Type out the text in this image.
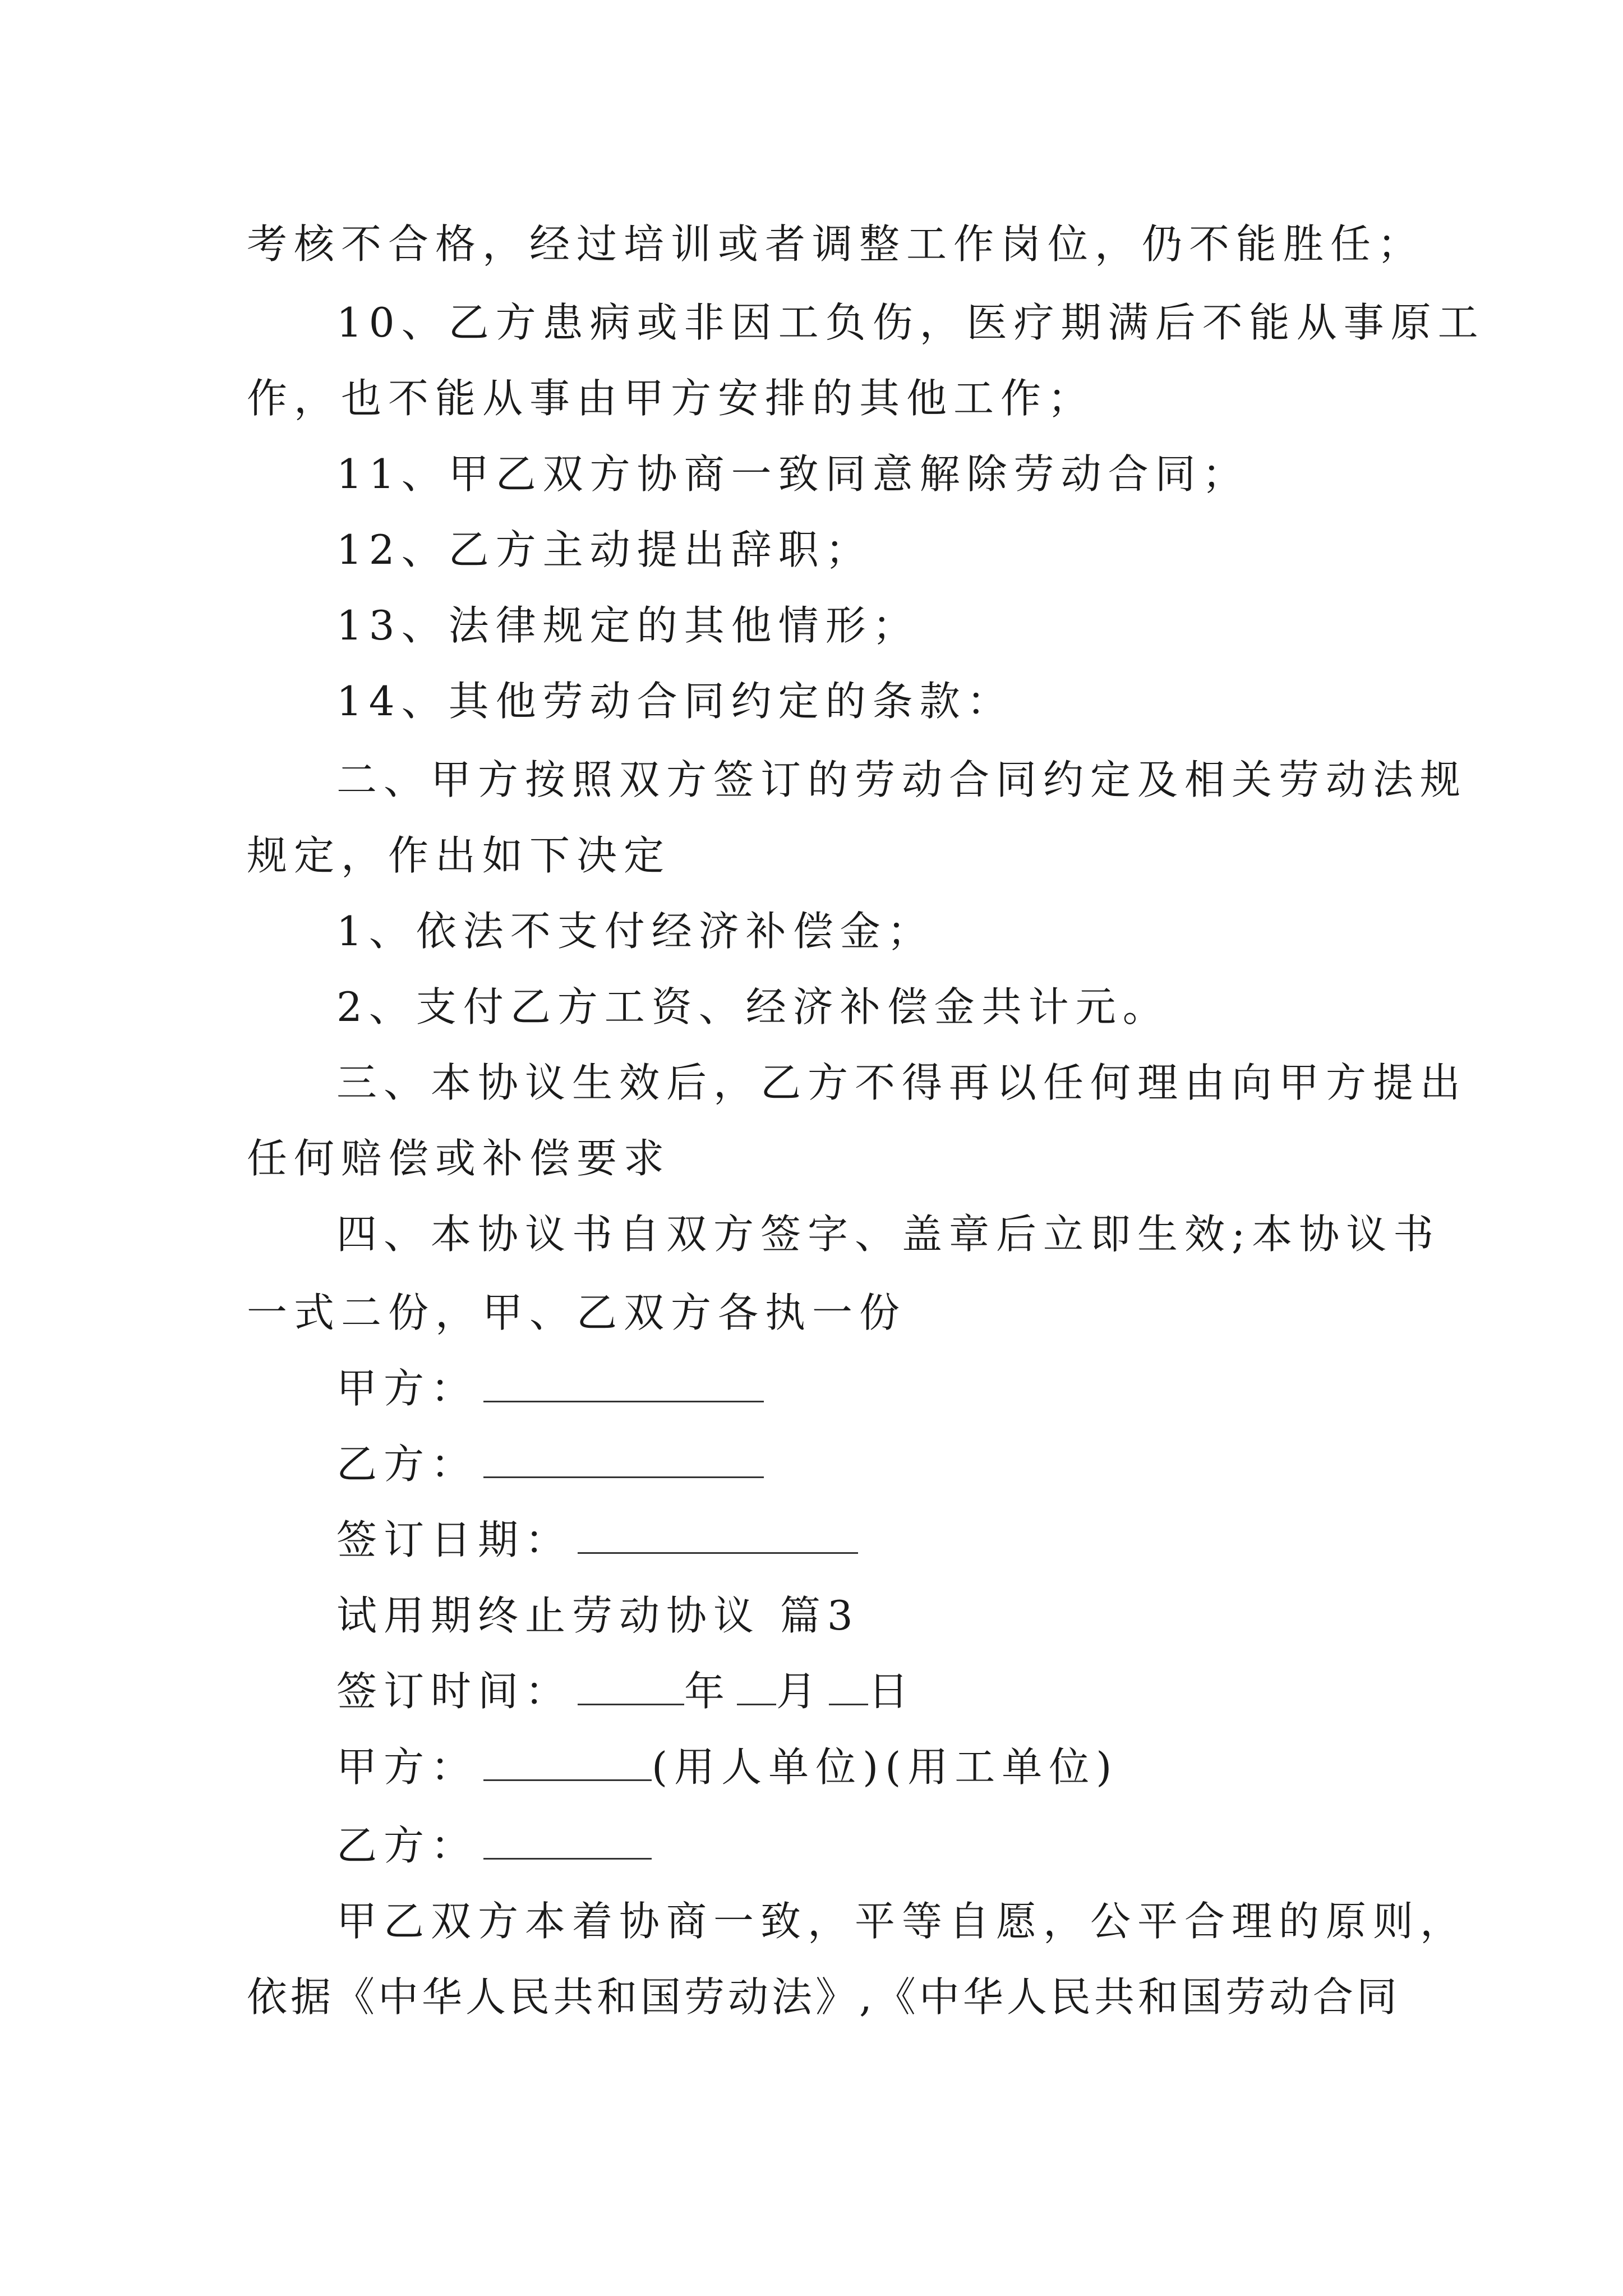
考核不合格，经过培训或者调整工作岗位，仍不能胜任；
10、乙方患病或非因工负伤，医疗期满后不能从事原工
作，也不能从事由甲方安排的其他工作；
11、甲乙双方协商一致同意解除劳动合同；
12、乙方主动提出辞职；
13、法律规定的其他情形；
14、其他劳动合同约定的条款：
二、甲方按照双方签订的劳动合同约定及相关劳动法规
规定，作出如下决定
1、依法不支付经济补偿金；
2、支付乙方工资、经济补偿金共计元。
三、本协议生效后，乙方不得再以任何理由向甲方提出
任何赔偿或补偿要求
四、本协议书自双方签字、盖章后立即生效;本协议书
一式二份，甲、乙双方各执一份
甲方：
乙方：
签订日期：
试用期终止劳动协议 篇3
签订时间：	年 月 日
甲方：	(用人单位)(用工单位)
乙方：
甲乙双方本着协商一致，平等自愿，公平合理的原则，
依据《中华人民共和国劳动法》,《中华人民共和国劳动合同
